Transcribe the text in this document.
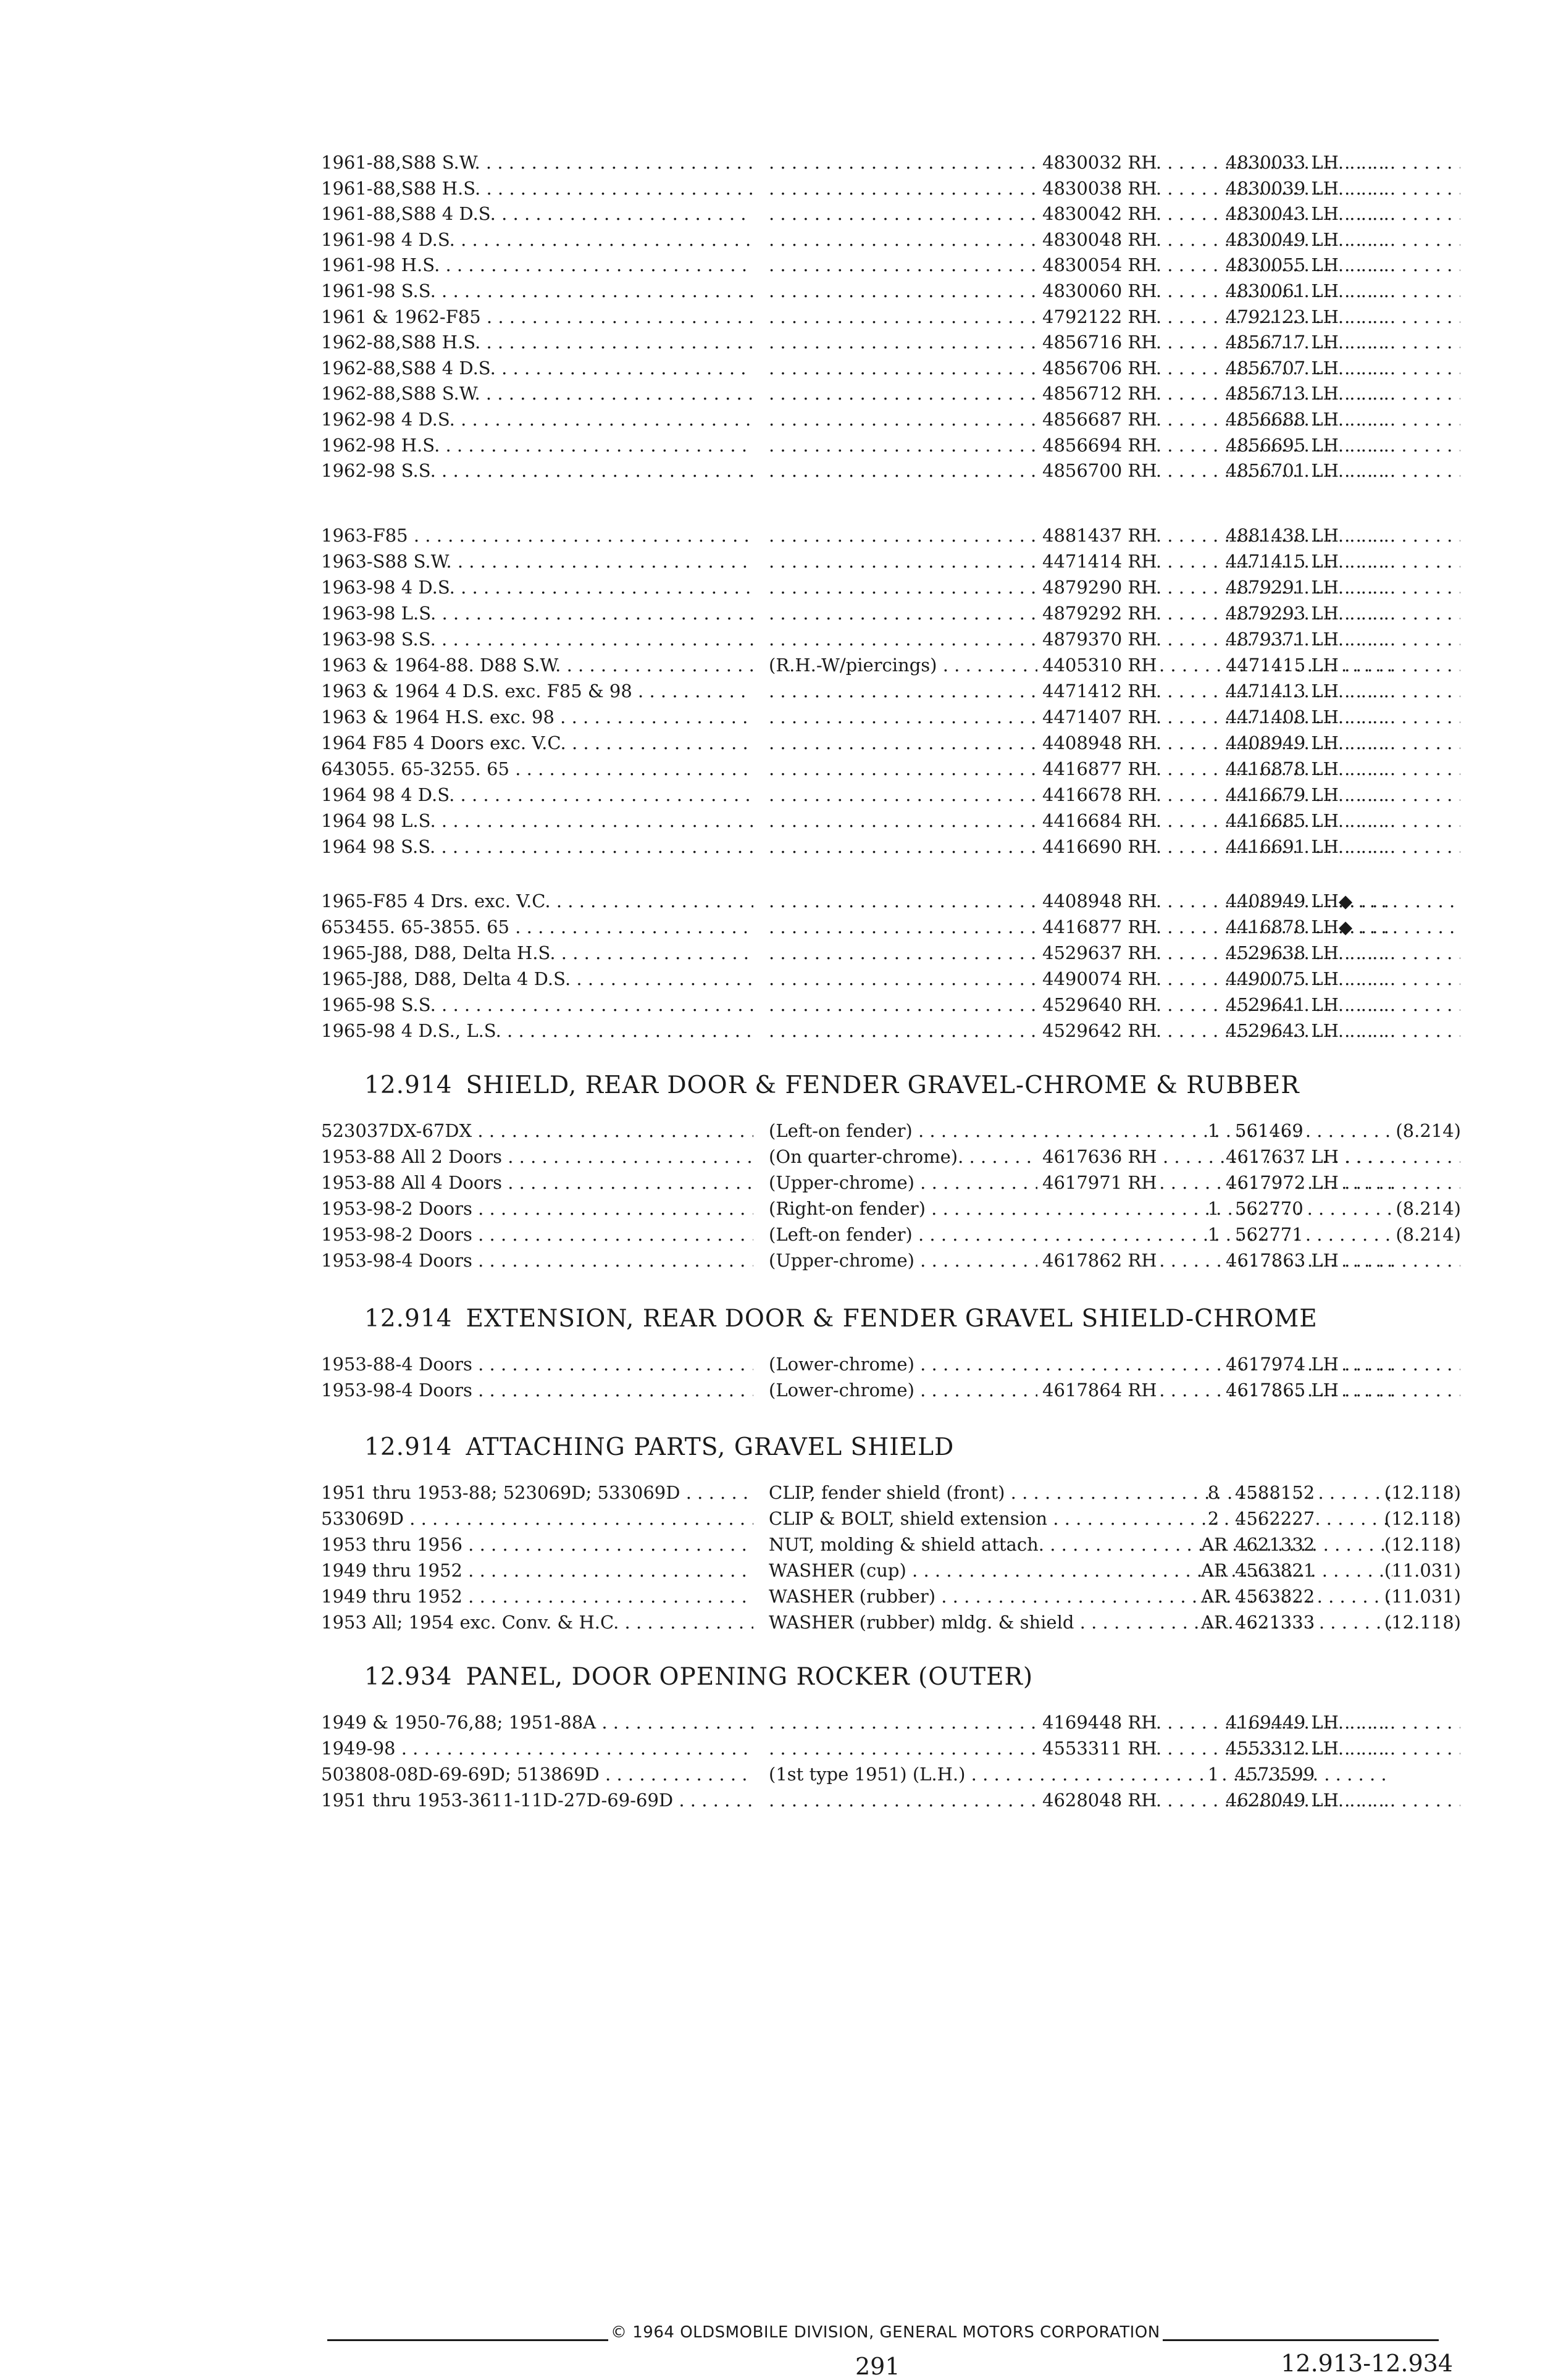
1961-88,S88 S.W. . . . . . .	4830032 RH	4830033 LH . . .
1961-88,S88 H.S. . . . . . .	4830038 RH	4830039 LH . . .
1961-88,S88 4 D.S. . . . . . .	4830042 RH	4830043 LH . . .
1961-98 4 D.S. . . . . . .	4830048 RH	4830049 LH . . .
1961-98 H.S. . . . . . .	4830054 RH	4830055 LH . . .
1961-98 S.S. . . . . . .	4830060 RH	4830061 LH . . .
1961 & 1962-F85 . . . . . .	4792122 RH	4792123 LH . . .
1962-88,S88 H.S. . . . . . .	4856716 RH	4856717 LH . . .
1962-88,S88 4 D.S. . . . . . .	4856706 RH	4856707 LH . . .
1962-88,S88 S.W. . . . . . .	4856712 RH	4856713 LH . . .
1962-98 4 D.S. . . . . . .	4856687 RH	4856688 LH . . .
1962-98 H.S. . . . . . .	4856694 RH	4856695 LH . . .
1962-98 S.S. . . . . . .	4856700 RH	4856701 LH . . .
1963-F85 . . . . . .	4881437 RH	4881438 LH . . .
1963-S88 S.W. . . . . . .	4471414 RH	4471415 LH . . .
1963-98 4 D.S. . . . . . .	4879290 RH	4879291 LH . . .
1963-98 L.S. . . . . . .	4879292 RH	4879293 LH . . .
1963-98 S.S. . . . . . .	4879370 RH	4879371 LH . . .
1963 & 1964-88. D88 S.W. . . .	(R.H.-W/piercings) . . . . . .	4405310 RH	4471415 LH . . .
1963 & 1964 4 D.S. exc. F85 & 98 . . . . . .	4471412 RH	4471413 LH . . .
1963 & 1964 H.S. exc. 98 . . . . . .	4471407 RH	4471408 LH . . .
1964 F85 4 Doors exc. V.C. . . . . . .	4408948 RH	4408949 LH . . .
643055. 65-3255. 65 . . . . . .	4416877 RH	4416878 LH . . .
1964 98 4 D.S. . . . . . .	4416678 RH	4416679 LH . . .
1964 98 L.S. . . . . . .	4416684 RH	4416685 LH . . .
1964 98 S.S. . . . . . .	4416690 RH	4416691 LH . . .
1965-F85 4 Drs. exc. V.C. . . . . . .	4408948 RH	4408949 LH◆ . . .
653455. 65-3855. 65 . . . . . .	4416877 RH	4416878 LH◆ . . .
1965-J88, D88, Delta H.S. . . . . . .	4529637 RH	4529638 LH . . .
1965-J88, D88, Delta 4 D.S. . . . . . .	4490074 RH	4490075 LH . . .
1965-98 S.S. . . . . . .	4529640 RH	4529641 LH . . .
1965-98 4 D.S., L.S. . . . . . .	4529642 RH	4529643 LH . . .
12.914 SHIELD, REAR DOOR & FENDER GRAVEL-CHROME & RUBBER
523037DX-67DX . . .	(Left-on fender) . . .	1 561469	(8.214)
1953-88 All 2 Doors . . .	(On quarter-chrome). . . . . .	4617636 RH	4617637 LH . . .
1953-88 All 4 Doors . . .	(Upper-chrome) . . . . . . . .	4617971 RH	4617972 LH . . .
1953-98-2 Doors . . .	(Right-on fender) . . .	1 562770	(8.214)
1953-98-2 Doors . . .	(Left-on fender) . . .	1 562771	(8.214)
1953-98-4 Doors . . .	(Upper-chrome) . . . . . . . .	4617862 RH	4617863 LH . . .
12.914 EXTENSION, REAR DOOR & FENDER GRAVEL SHIELD-CHROME
1953-88-4 Doors . . .	(Lower-chrome) . . . . . . . .	4617974 LH . . .
1953-98-4 Doors . . .	(Lower-chrome) . . . . . . . .	4617864 RH	4617865 LH . . .
12.914 ATTACHING PARTS, GRAVEL SHIELD
1951 thru 1953-88; 523069D; 533069D . . . . .	CLIP, fender shield (front) . . .	8 4588152	(12.118)
533069D . . .	CLIP & BOLT, shield extension . . .	2 4562227	(12.118)
1953 thru 1956 . . .	NUT, molding & shield attach. . . .	AR 4621332	(12.118)
1949 thru 1952 . . .	WASHER (cup) . . .	AR 4563821	(11.031)
1949 thru 1952 . . .	WASHER (rubber) . . .	AR 4563822	(11.031)
1953 All; 1954 exc. Conv. & H.C. . . .	WASHER (rubber) mldg. & shield . . . . . .	AR 4621333	(12.118)
12.934 PANEL, DOOR OPENING ROCKER (OUTER)
1949 & 1950-76,88; 1951-88A . . . . . .	4169448 RH	4169449 LH . . .
1949-98 . . . . . .	4553311 RH	4553312 LH . . .
503808-08D-69-69D; 513869D . . .	(1st type 1951) (L.H.) . . .	1 4573599
1951 thru 1953-3611-11D-27D-69-69D . . . . . .	4628048 RH	4628049 LH . . .
© 1964 OLDSMOBILE DIVISION, GENERAL MOTORS CORPORATION
291	12.913-12.934
